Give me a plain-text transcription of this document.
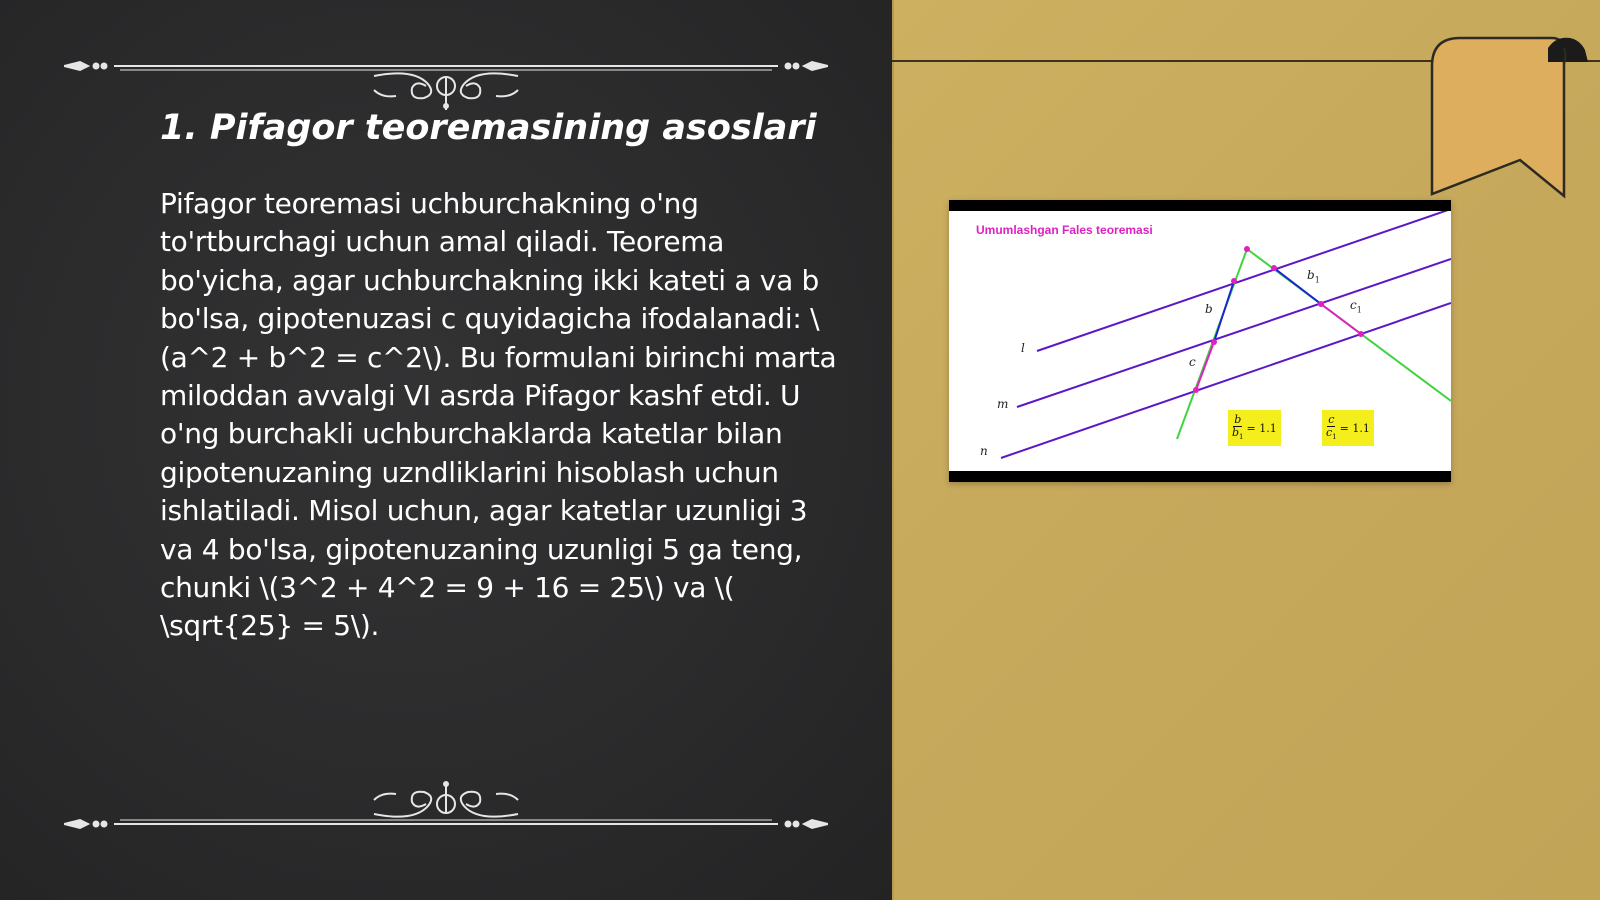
1. Pifagor teoremasining asoslari
Pifagor teoremasi uchburchakning o'ng to'rtburchagi uchun amal qiladi. Teorema bo'yicha, agar uchburchakning ikki kateti a va b bo'lsa, gipotenuzasi c quyidagicha ifodalanadi: \(a^2 + b^2 = c^2\). Bu formulani birinchi marta miloddan avvalgi VI asrda Pifagor kashf etdi. U o'ng burchakli uchburchaklarda katetlar bilan gipotenuzaning uzndliklarini hisoblash uchun ishlatiladi. Misol uchun, agar katetlar uzunligi 3 va 4 bo'lsa, gipotenuzaning uzunligi 5 ga teng, chunki \(3^2 + 4^2 = 9 + 16 = 25\) va \( \sqrt{25} = 5\).
Umumlashgan Fales teoremasi
l
m
n
b
$b_1$
c
$c_1$
$\frac{b}{b_1} = 1.1$	$\frac{c}{c_1} = 1.1$
